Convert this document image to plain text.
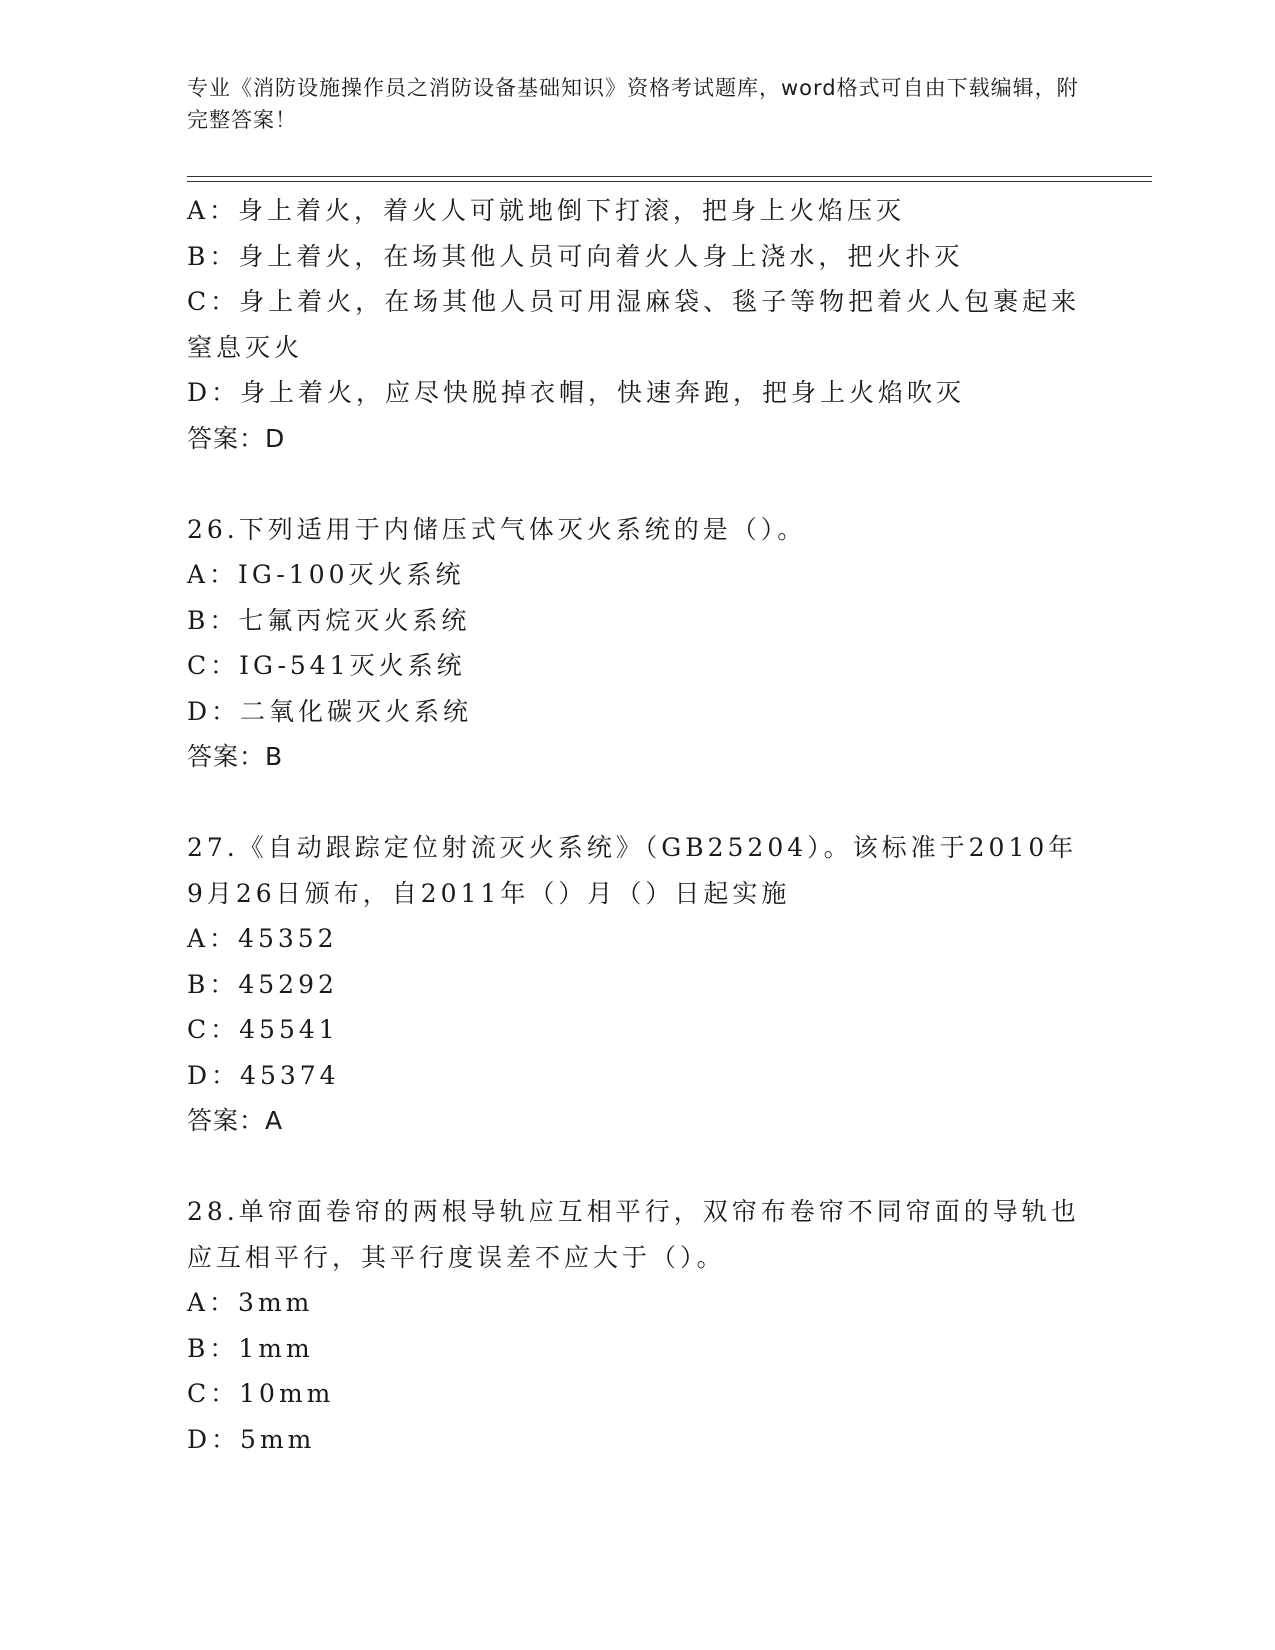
专业《消防设施操作员之消防设备基础知识》资格考试题库，word格式可自由下载编辑，附完整答案！

A：身上着火，着火人可就地倒下打滚，把身上火焰压灭

B：身上着火，在场其他人员可向着火人身上浇水，把火扑灭

C：身上着火，在场其他人员可用湿麻袋、毯子等物把着火人包裹起来窒息灭火

D：身上着火，应尽快脱掉衣帽，快速奔跑，把身上火焰吹灭

答案：D

26.下列适用于内储压式气体灭火系统的是（）。

A：IG-100灭火系统

B：七氟丙烷灭火系统

C：IG-541灭火系统

D：二氧化碳灭火系统

答案：B

27.《自动跟踪定位射流灭火系统》（GB25204）。该标准于2010年9月26日颁布，自2011年（）月（）日起实施

A：45352

B：45292

C：45541

D：45374

答案：A

28.单帘面卷帘的两根导轨应互相平行，双帘布卷帘不同帘面的导轨也应互相平行，其平行度误差不应大于（）。

A：3mm

B：1mm

C：10mm

D：5mm
